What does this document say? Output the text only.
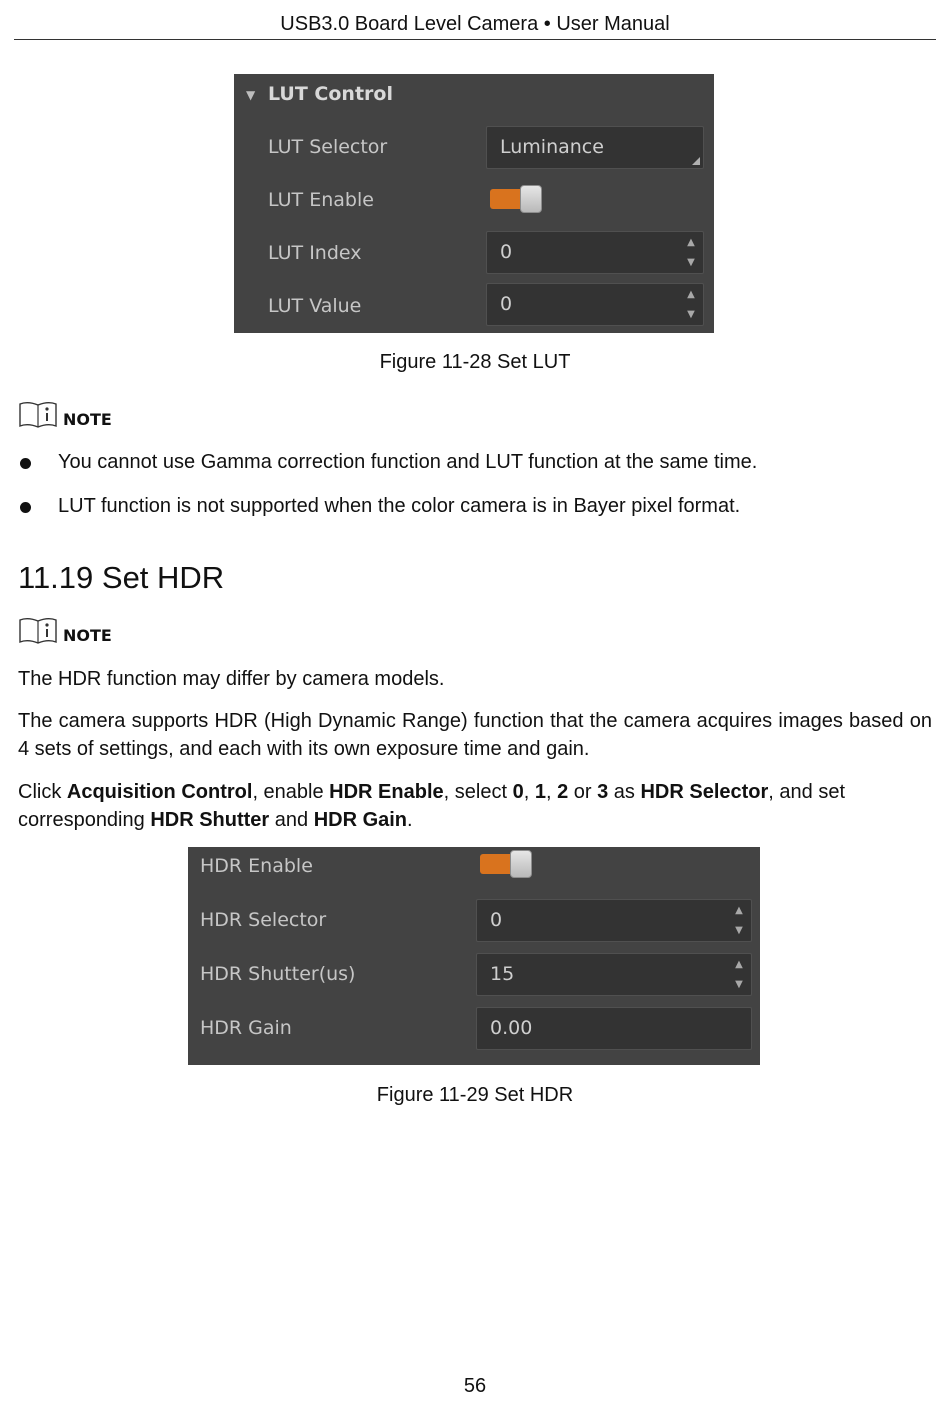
USB3.0 Board Level Camera • User Manual
▼ LUT Control
LUT Selector	Luminance
LUT Enable
LUT Index	0	▲
▼
LUT Value	0	▲
▼
Figure 11-28 Set LUT
NOTE
You cannot use Gamma correction function and LUT function at the same time.
LUT function is not supported when the color camera is in Bayer pixel format.
11.19 Set HDR
NOTE
The HDR function may differ by camera models.
The camera supports HDR (High Dynamic Range) function that the camera acquires images based on 4 sets of settings, and each with its own exposure time and gain.
Click Acquisition Control, enable HDR Enable, select 0, 1, 2 or 3 as HDR Selector, and set corresponding HDR Shutter and HDR Gain.
HDR Enable
HDR Selector	0	▲
▼
HDR Shutter(us)	15	▲
▼
HDR Gain	0.00
Figure 11-29 Set HDR
56
